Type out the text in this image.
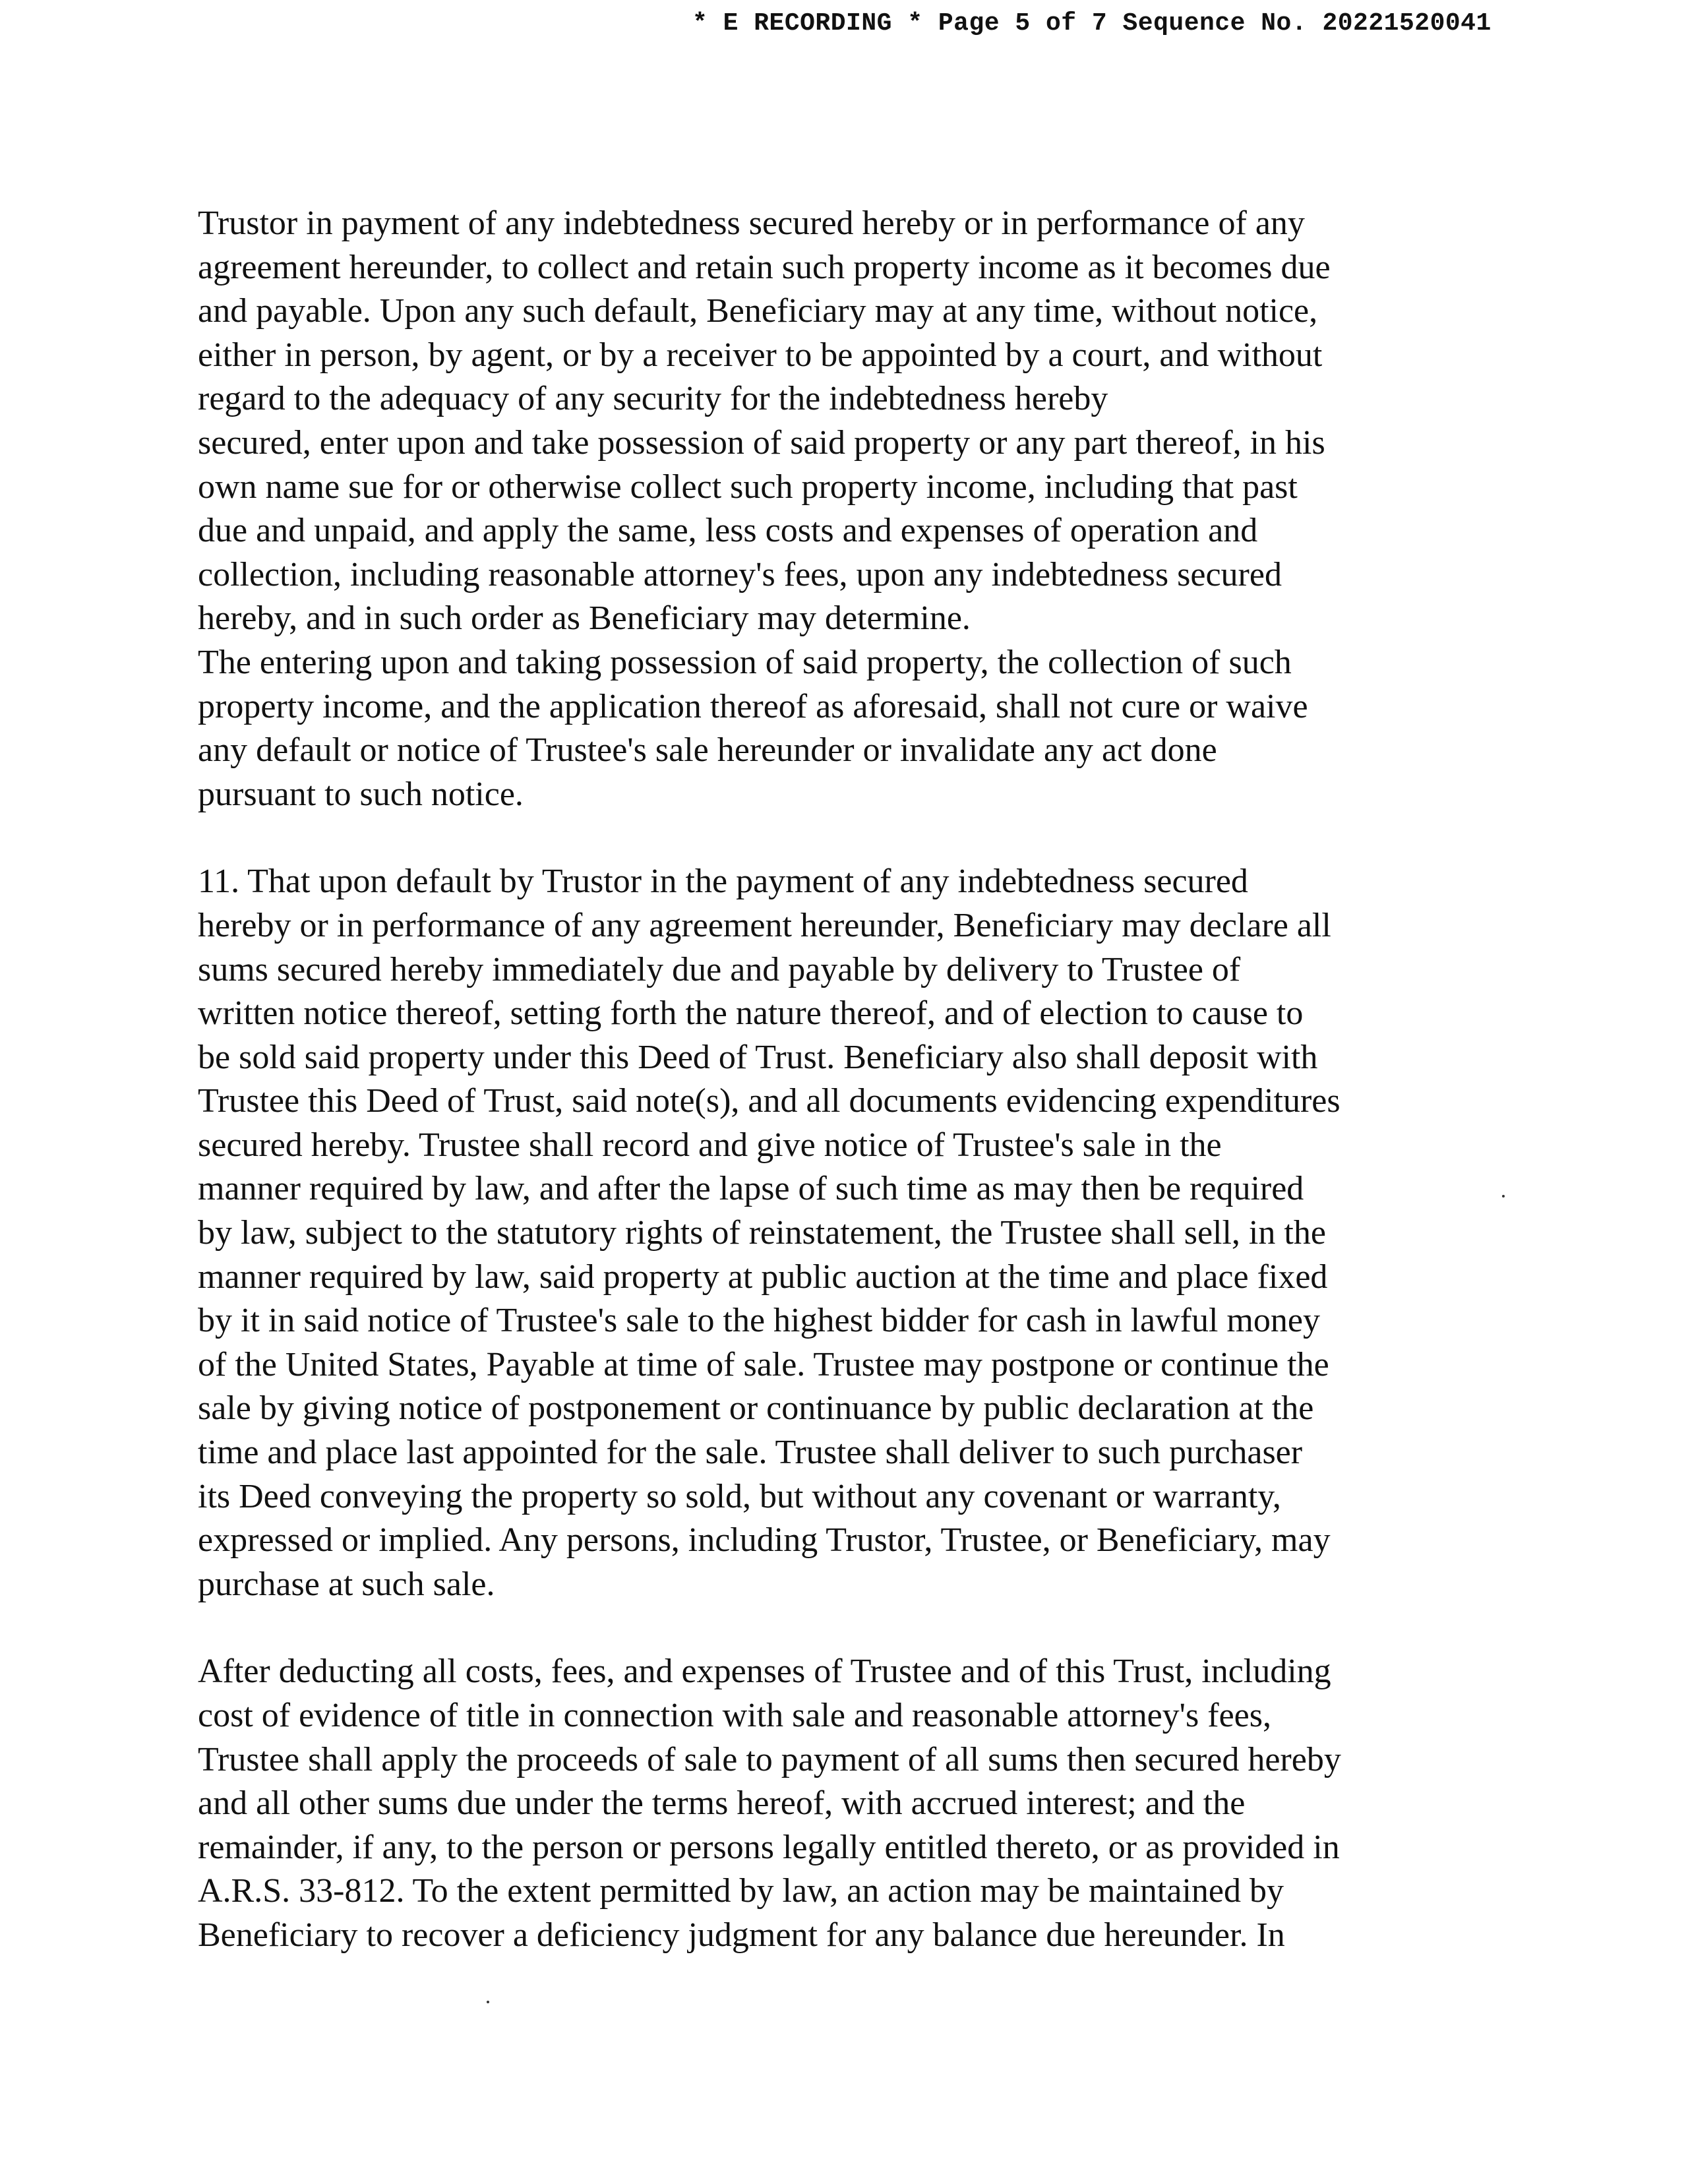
* E RECORDING * Page 5 of 7 Sequence No. 20221520041
Trustor in payment of any indebtedness secured hereby or in performance of any
agreement hereunder, to collect and retain such property income as it becomes due
and payable. Upon any such default, Beneficiary may at any time, without notice,
either in person, by agent, or by a receiver to be appointed by a court, and without
regard to the adequacy of any security for the indebtedness hereby
secured, enter upon and take possession of said property or any part thereof, in his
own name sue for or otherwise collect such property income, including that past
due and unpaid, and apply the same, less costs and expenses of operation and
collection, including reasonable attorney's fees, upon any indebtedness secured
hereby, and in such order as Beneficiary may determine.
The entering upon and taking possession of said property, the collection of such
property income, and the application thereof as aforesaid, shall not cure or waive
any default or notice of Trustee's sale hereunder or invalidate any act done
pursuant to such notice.
11. That upon default by Trustor in the payment of any indebtedness secured
hereby or in performance of any agreement hereunder, Beneficiary may declare all
sums secured hereby immediately due and payable by delivery to Trustee of
written notice thereof, setting forth the nature thereof, and of election to cause to
be sold said property under this Deed of Trust. Beneficiary also shall deposit with
Trustee this Deed of Trust, said note(s), and all documents evidencing expenditures
secured hereby. Trustee shall record and give notice of Trustee's sale in the
manner required by law, and after the lapse of such time as may then be required
by law, subject to the statutory rights of reinstatement, the Trustee shall sell, in the
manner required by law, said property at public auction at the time and place fixed
by it in said notice of Trustee's sale to the highest bidder for cash in lawful money
of the United States, Payable at time of sale. Trustee may postpone or continue the
sale by giving notice of postponement or continuance by public declaration at the
time and place last appointed for the sale. Trustee shall deliver to such purchaser
its Deed conveying the property so sold, but without any covenant or warranty,
expressed or implied. Any persons, including Trustor, Trustee, or Beneficiary, may
purchase at such sale.
After deducting all costs, fees, and expenses of Trustee and of this Trust, including
cost of evidence of title in connection with sale and reasonable attorney's fees,
Trustee shall apply the proceeds of sale to payment of all sums then secured hereby
and all other sums due under the terms hereof, with accrued interest; and the
remainder, if any, to the person or persons legally entitled thereto, or as provided in
A.R.S. 33-812. To the extent permitted by law, an action may be maintained by
Beneficiary to recover a deficiency judgment for any balance due hereunder. In
